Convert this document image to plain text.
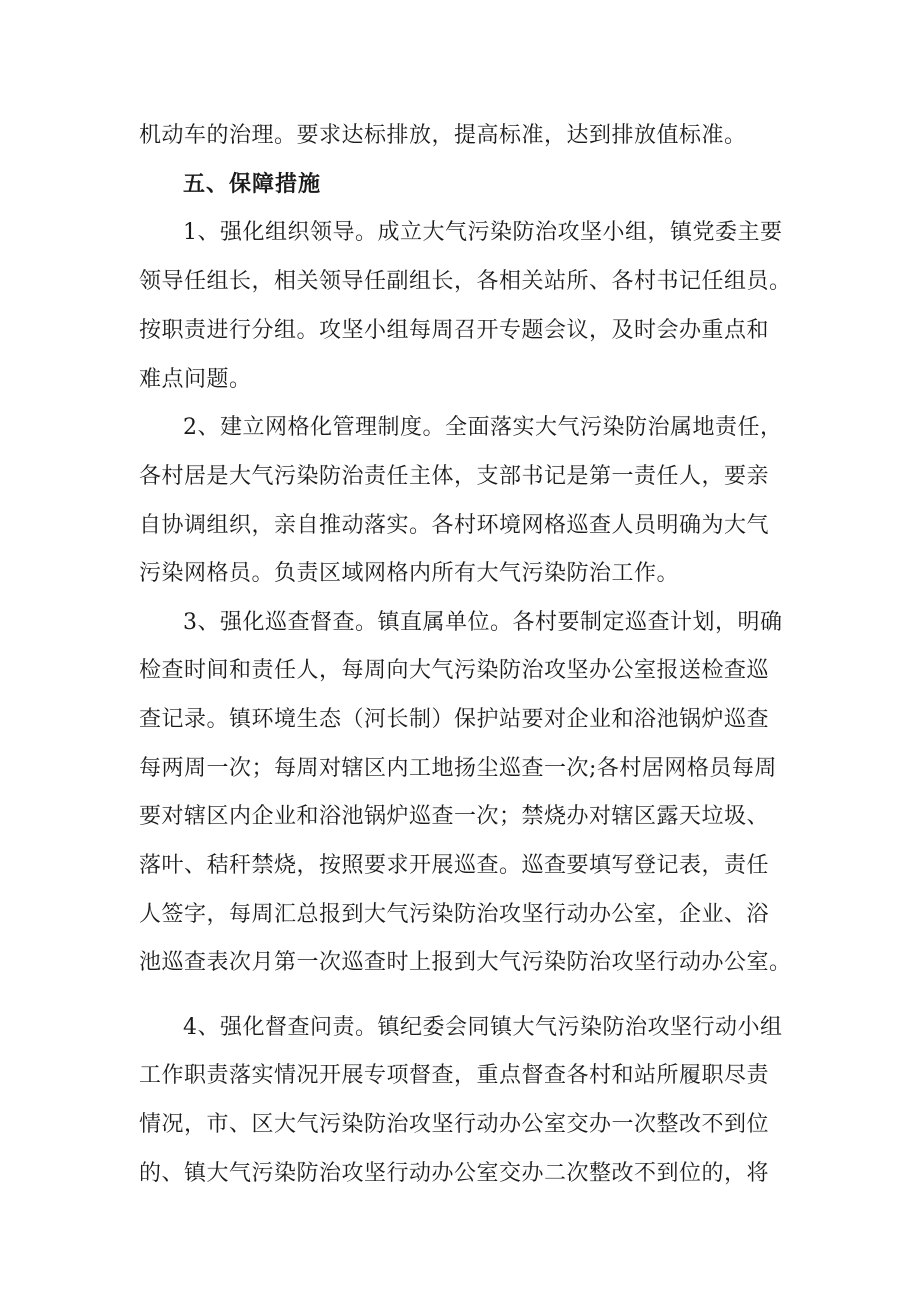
机动车的治理。要求达标排放，提高标准，达到排放值标准。
五、保障措施
1、强化组织领导。成立大气污染防治攻坚小组，镇党委主要
领导任组长，相关领导任副组长，各相关站所、各村书记任组员。
按职责进行分组。攻坚小组每周召开专题会议，及时会办重点和
难点问题。
2、建立网格化管理制度。全面落实大气污染防治属地责任，
各村居是大气污染防治责任主体，支部书记是第一责任人，要亲
自协调组织，亲自推动落实。各村环境网格巡查人员明确为大气
污染网格员。负责区域网格内所有大气污染防治工作。
3、强化巡查督查。镇直属单位。各村要制定巡查计划，明确
检查时间和责任人，每周向大气污染防治攻坚办公室报送检查巡
查记录。镇环境生态（河长制）保护站要对企业和浴池锅炉巡查
每两周一次；每周对辖区内工地扬尘巡查一次;各村居网格员每周
要对辖区内企业和浴池锅炉巡查一次；禁烧办对辖区露天垃圾、
落叶、秸秆禁烧，按照要求开展巡查。巡查要填写登记表，责任
人签字，每周汇总报到大气污染防治攻坚行动办公室，企业、浴
池巡查表次月第一次巡查时上报到大气污染防治攻坚行动办公室。
4、强化督查问责。镇纪委会同镇大气污染防治攻坚行动小组
工作职责落实情况开展专项督查，重点督查各村和站所履职尽责
情况，市、区大气污染防治攻坚行动办公室交办一次整改不到位
的、镇大气污染防治攻坚行动办公室交办二次整改不到位的，将
